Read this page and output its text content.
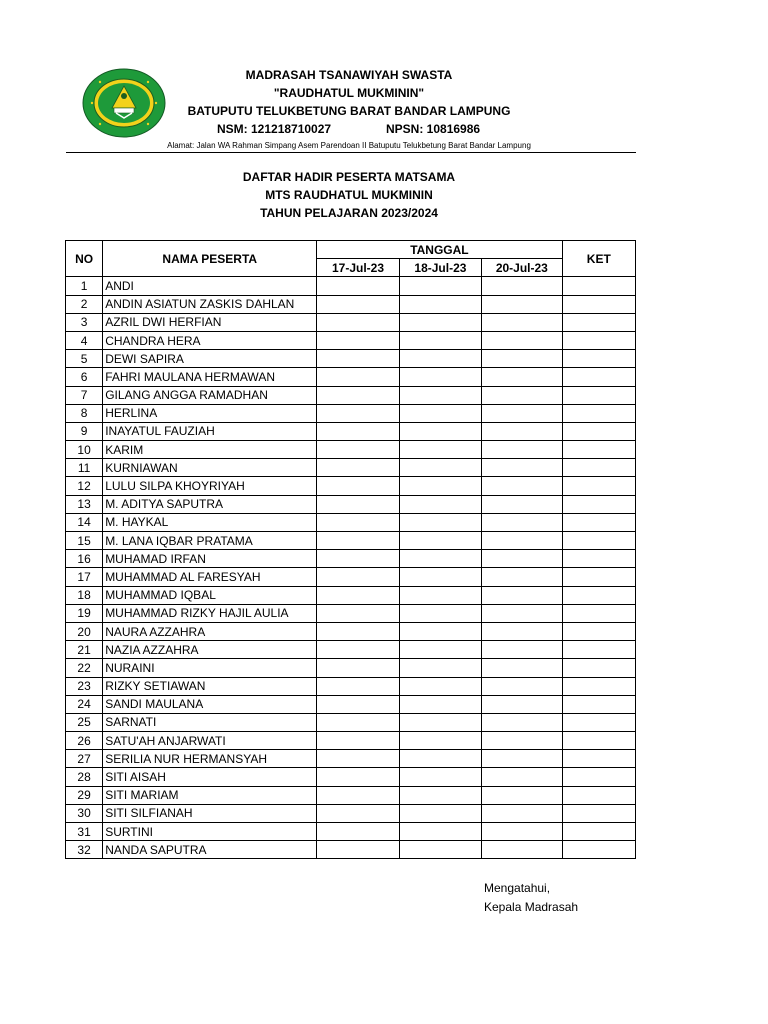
MADRASAH TSANAWIYAH SWASTA
"RAUDHATUL MUKMININ"
BATUPUTU TELUKBETUNG BARAT BANDAR LAMPUNG
NSM: 121218710027	NPSN: 10816986
Alamat: Jalan WA Rahman Simpang Asem Parendoan II Batuputu Telukbetung Barat Bandar Lampung
DAFTAR HADIR PESERTA MATSAMA
MTS RAUDHATUL MUKMININ
TAHUN PELAJARAN 2023/2024
NO	NAMA PESERTA	TANGGAL			KET
		17-Jul-23	18-Jul-23	20-Jul-23	
1	ANDI				
2	ANDIN ASIATUN ZASKIS DAHLAN				
3	AZRIL DWI HERFIAN				
4	CHANDRA HERA				
5	DEWI SAPIRA				
6	FAHRI MAULANA HERMAWAN				
7	GILANG ANGGA RAMADHAN				
8	HERLINA				
9	INAYATUL FAUZIAH				
10	KARIM				
11	KURNIAWAN				
12	LULU SILPA KHOYRIYAH				
13	M. ADITYA SAPUTRA				
14	M. HAYKAL				
15	M. LANA IQBAR PRATAMA				
16	MUHAMAD IRFAN				
17	MUHAMMAD AL FARESYAH				
18	MUHAMMAD IQBAL				
19	MUHAMMAD RIZKY HAJIL AULIA				
20	NAURA AZZAHRA				
21	NAZIA AZZAHRA				
22	NURAINI				
23	RIZKY SETIAWAN				
24	SANDI MAULANA				
25	SARNATI				
26	SATU'AH ANJARWATI				
27	SERILIA NUR HERMANSYAH				
28	SITI AISAH				
29	SITI MARIAM				
30	SITI SILFIANAH				
31	SURTINI				
32	NANDA SAPUTRA				
Mengatahui,
Kepala Madrasah
